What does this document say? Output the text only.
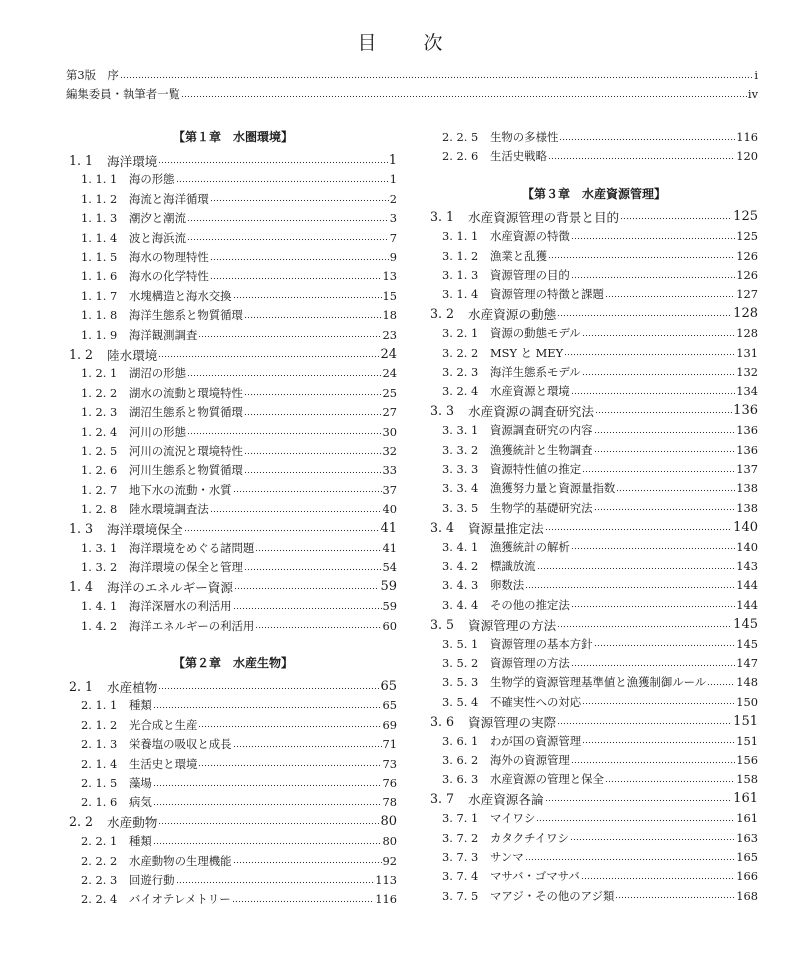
目　次
第3版　序	i
編集委員・執筆者一覧	iv
【第１章　水圏環境】
1. 1	海洋環境	1
1. 1. 1	海の形態	1
1. 1. 2	海流と海洋循環	2
1. 1. 3	潮汐と潮流	3
1. 1. 4	波と海浜流	7
1. 1. 5	海水の物理特性	9
1. 1. 6	海水の化学特性	13
1. 1. 7	水塊構造と海水交換	15
1. 1. 8	海洋生態系と物質循環	18
1. 1. 9	海洋観測調査	23
1. 2	陸水環境	24
1. 2. 1	湖沼の形態	24
1. 2. 2	湖水の流動と環境特性	25
1. 2. 3	湖沼生態系と物質循環	27
1. 2. 4	河川の形態	30
1. 2. 5	河川の流況と環境特性	32
1. 2. 6	河川生態系と物質循環	33
1. 2. 7	地下水の流動・水質	37
1. 2. 8	陸水環境調査法	40
1. 3	海洋環境保全	41
1. 3. 1	海洋環境をめぐる諸問題	41
1. 3. 2	海洋環境の保全と管理	54
1. 4	海洋のエネルギー資源	59
1. 4. 1	海洋深層水の利活用	59
1. 4. 2	海洋エネルギーの利活用	60
【第２章　水産生物】
2. 1	水産植物	65
2. 1. 1	種類	65
2. 1. 2	光合成と生産	69
2. 1. 3	栄養塩の吸収と成長	71
2. 1. 4	生活史と環境	73
2. 1. 5	藻場	76
2. 1. 6	病気	78
2. 2	水産動物	80
2. 2. 1	種類	80
2. 2. 2	水産動物の生理機能	92
2. 2. 3	回遊行動	113
2. 2. 4	バイオテレメトリー	116
2. 2. 5	生物の多様性	116
2. 2. 6	生活史戦略	120
【第３章　水産資源管理】
3. 1	水産資源管理の背景と目的	125
3. 1. 1	水産資源の特徴	125
3. 1. 2	漁業と乱獲	126
3. 1. 3	資源管理の目的	126
3. 1. 4	資源管理の特徴と課題	127
3. 2	水産資源の動態	128
3. 2. 1	資源の動態モデル	128
3. 2. 2	MSY と MEY	131
3. 2. 3	海洋生態系モデル	132
3. 2. 4	水産資源と環境	134
3. 3	水産資源の調査研究法	136
3. 3. 1	資源調査研究の内容	136
3. 3. 2	漁獲統計と生物調査	136
3. 3. 3	資源特性値の推定	137
3. 3. 4	漁獲努力量と資源量指数	138
3. 3. 5	生物学的基礎研究法	138
3. 4	資源量推定法	140
3. 4. 1	漁獲統計の解析	140
3. 4. 2	標識放流	143
3. 4. 3	卵数法	144
3. 4. 4	その他の推定法	144
3. 5	資源管理の方法	145
3. 5. 1	資源管理の基本方針	145
3. 5. 2	資源管理の方法	147
3. 5. 3	生物学的資源管理基準値と漁獲制御ルール	148
3. 5. 4	不確実性への対応	150
3. 6	資源管理の実際	151
3. 6. 1	わが国の資源管理	151
3. 6. 2	海外の資源管理	156
3. 6. 3	水産資源の管理と保全	158
3. 7	水産資源各論	161
3. 7. 1	マイワシ	161
3. 7. 2	カタクチイワシ	163
3. 7. 3	サンマ	165
3. 7. 4	マサバ・ゴマサバ	166
3. 7. 5	マアジ・その他のアジ類	168
